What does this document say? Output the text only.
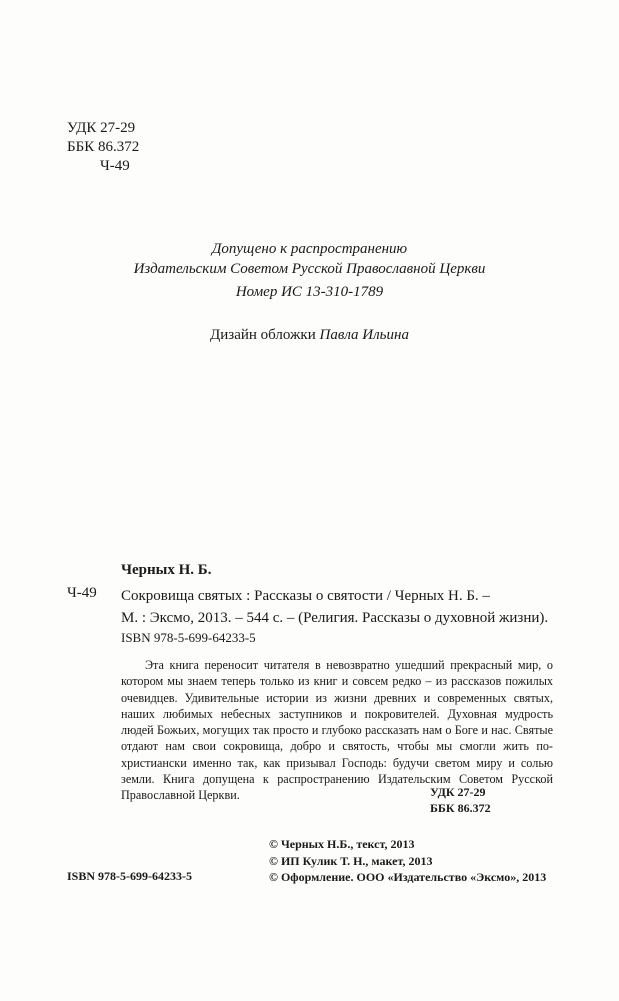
УДК 27-29
ББК 86.372
Ч-49
Допущено к распространению
Издательским Советом Русской Православной Церкви
Номер ИС 13-310-1789
Дизайн обложки Павла Ильина
Черных Н. Б.
Ч-49 Сокровища святых : Рассказы о святости / Черных Н. Б. –
М. : Эксмо, 2013. – 544 с. – (Религия. Рассказы о духовной жизни).
ISBN 978-5-699-64233-5

Эта книга переносит читателя в невозвратно ушедший прекрасный мир, о котором мы знаем теперь только из книг и совсем редко – из рассказов пожилых очевидцев. Удивительные истории из жизни древних и современных святых, наших любимых небесных заступников и покровителей. Духовная мудрость людей Божьих, могущих так просто и глубоко рассказать нам о Боге и нас. Святые отдают нам свои сокровища, добро и святость, чтобы мы смогли жить по-христиански именно так, как призывал Господь: будучи светом миру и солью земли. Книга допущена к распространению Издательским Советом Русской Православной Церкви.	УДК 27-29
ББК 86.372
© Черных Н.Б., текст, 2013
© ИП Кулик Т. Н., макет, 2013
© Оформление. ООО «Издательство «Эксмо», 2013
ISBN 978-5-699-64233-5
